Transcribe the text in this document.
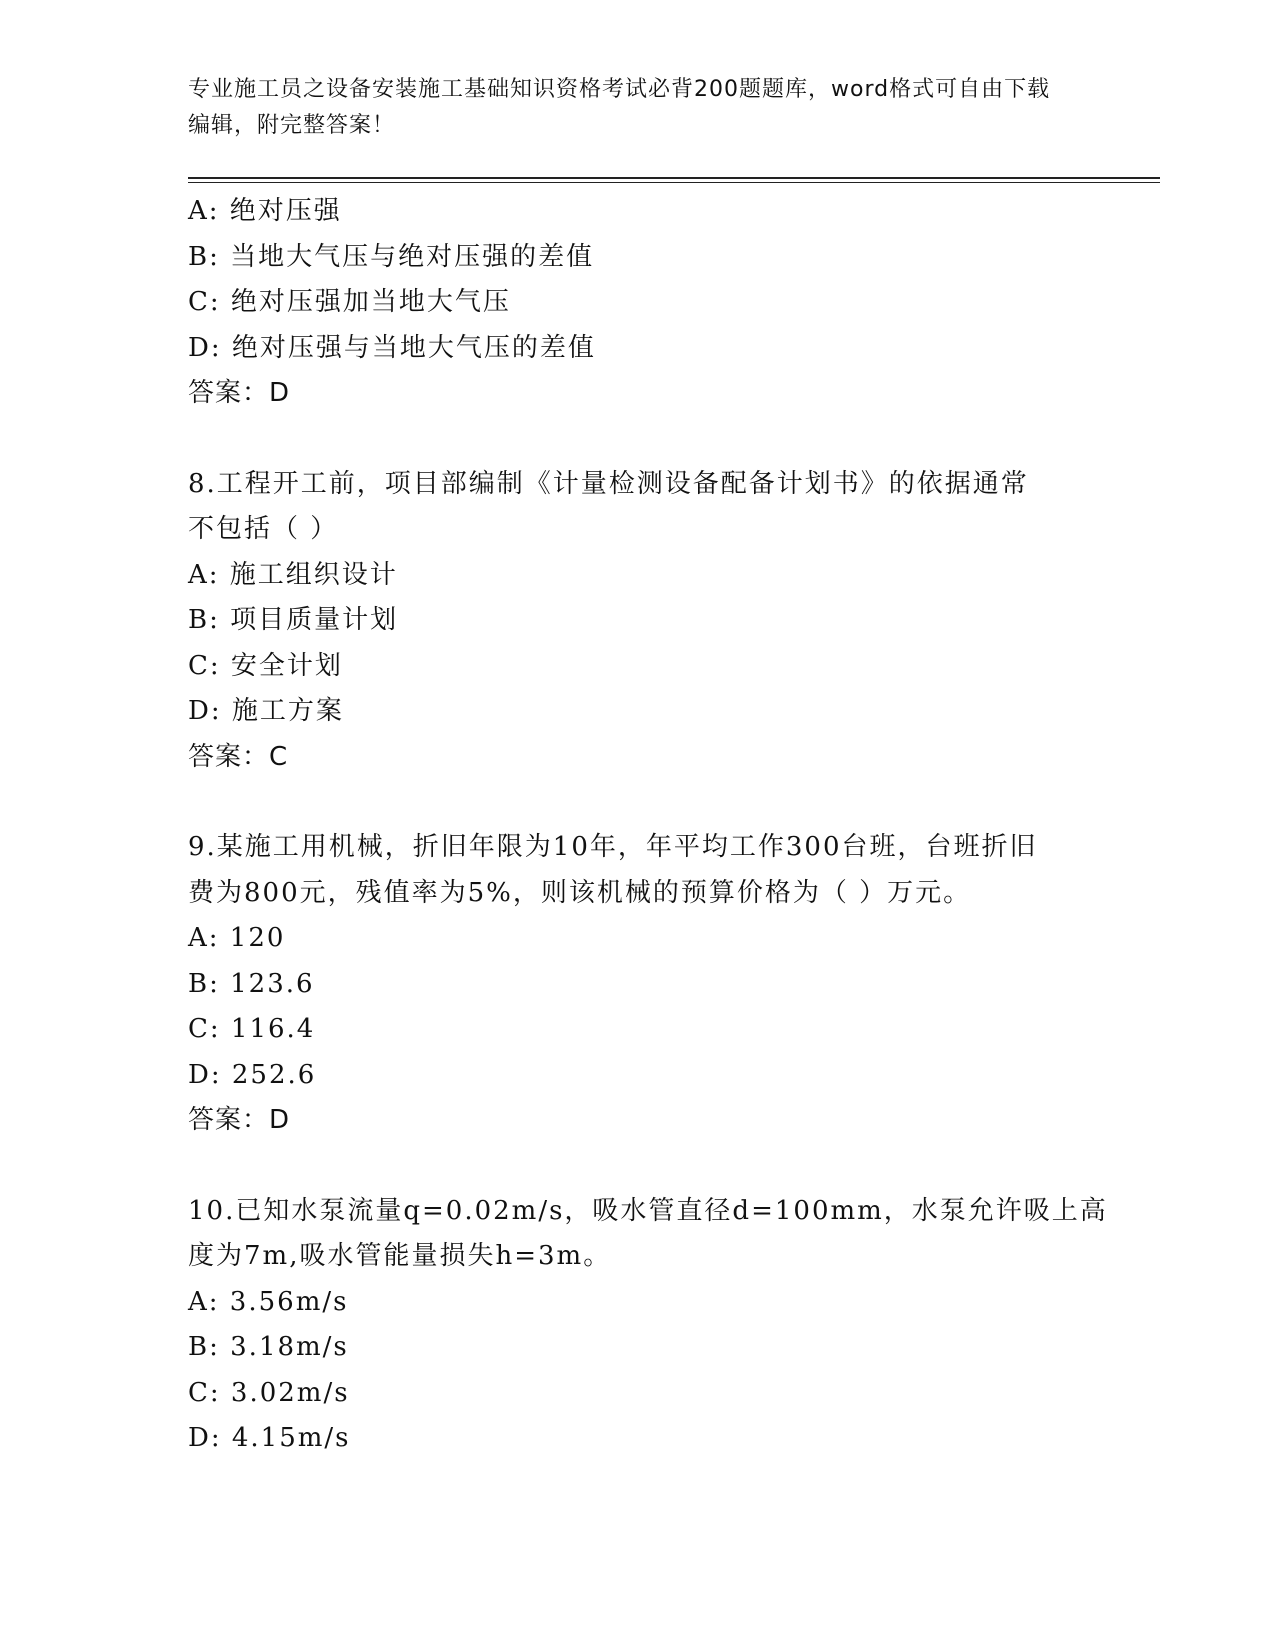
专业施工员之设备安装施工基础知识资格考试必背200题题库，word格式可自由下载编辑，附完整答案！
A: 绝对压强
B: 当地大气压与绝对压强的差值
C: 绝对压强加当地大气压
D: 绝对压强与当地大气压的差值
答案：D
8.工程开工前，项目部编制《计量检测设备配备计划书》的依据通常
不包括（ ）
A: 施工组织设计
B: 项目质量计划
C: 安全计划
D: 施工方案
答案：C
9.某施工用机械，折旧年限为10年，年平均工作300台班，台班折旧
费为800元，残值率为5%，则该机械的预算价格为（ ）万元。
A: 120
B: 123.6
C: 116.4
D: 252.6
答案：D
10.已知水泵流量q=0.02m/s，吸水管直径d=100mm，水泵允许吸上高
度为7m,吸水管能量损失h=3m。
A: 3.56m/s
B: 3.18m/s
C: 3.02m/s
D: 4.15m/s
